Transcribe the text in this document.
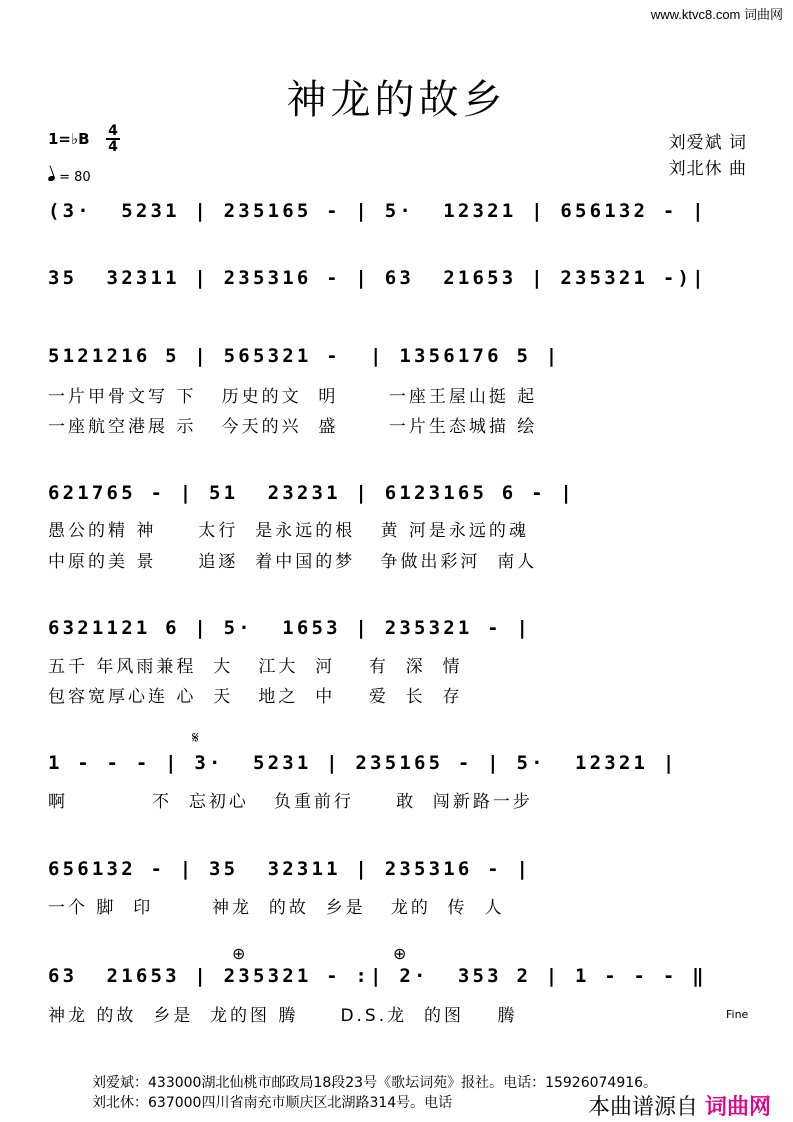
www.ktvc8.com 词曲网
神龙的故乡
刘爱斌 词
刘北休 曲
1=♭B 4
4
= 80
(3·  5231 | 235165 - | 5·  12321 | 656132 - |
35  32311 | 235316 - | 63  21653 | 235321 -)|
5121216 5 | 565321 -  | 1356176 5 |
一片甲骨文写 下   历史的文  明      一座王屋山挺 起
一座航空港展 示   今天的兴  盛      一片生态城描 绘
621765 - | 51  23231 | 6123165 6 - |
愚公的精 神     太行  是永远的根   黄 河是永远的魂
中原的美 景     追逐  着中国的梦   争做出彩河  南人
6321121 6 | 5·  1653 | 235321 - |
五千 年风雨兼程  大   江大  河    有  深  情
包容宽厚心连 心  天   地之  中    爱  长  存
𝄋
1 - - - | 3·  5231 | 235165 - | 5·  12321 |
啊          不  忘初心   负重前行     敢  闯新路一步
656132 - | 35  32311 | 235316 - |
一个 脚  印       神龙  的故  乡是   龙的  传  人
⊕	⊕
63  21653 | 235321 - :| 2·  353 2 | 1 - - - ‖
神龙 的故  乡是  龙的图 腾     D.S.龙  的图    腾	Fine
刘爱斌：433000湖北仙桃市邮政局18段23号《歌坛词苑》报社。电话：15926074916。
刘北休：637000四川省南充市顺庆区北湖路314号。电话	本曲谱源自 词曲网
